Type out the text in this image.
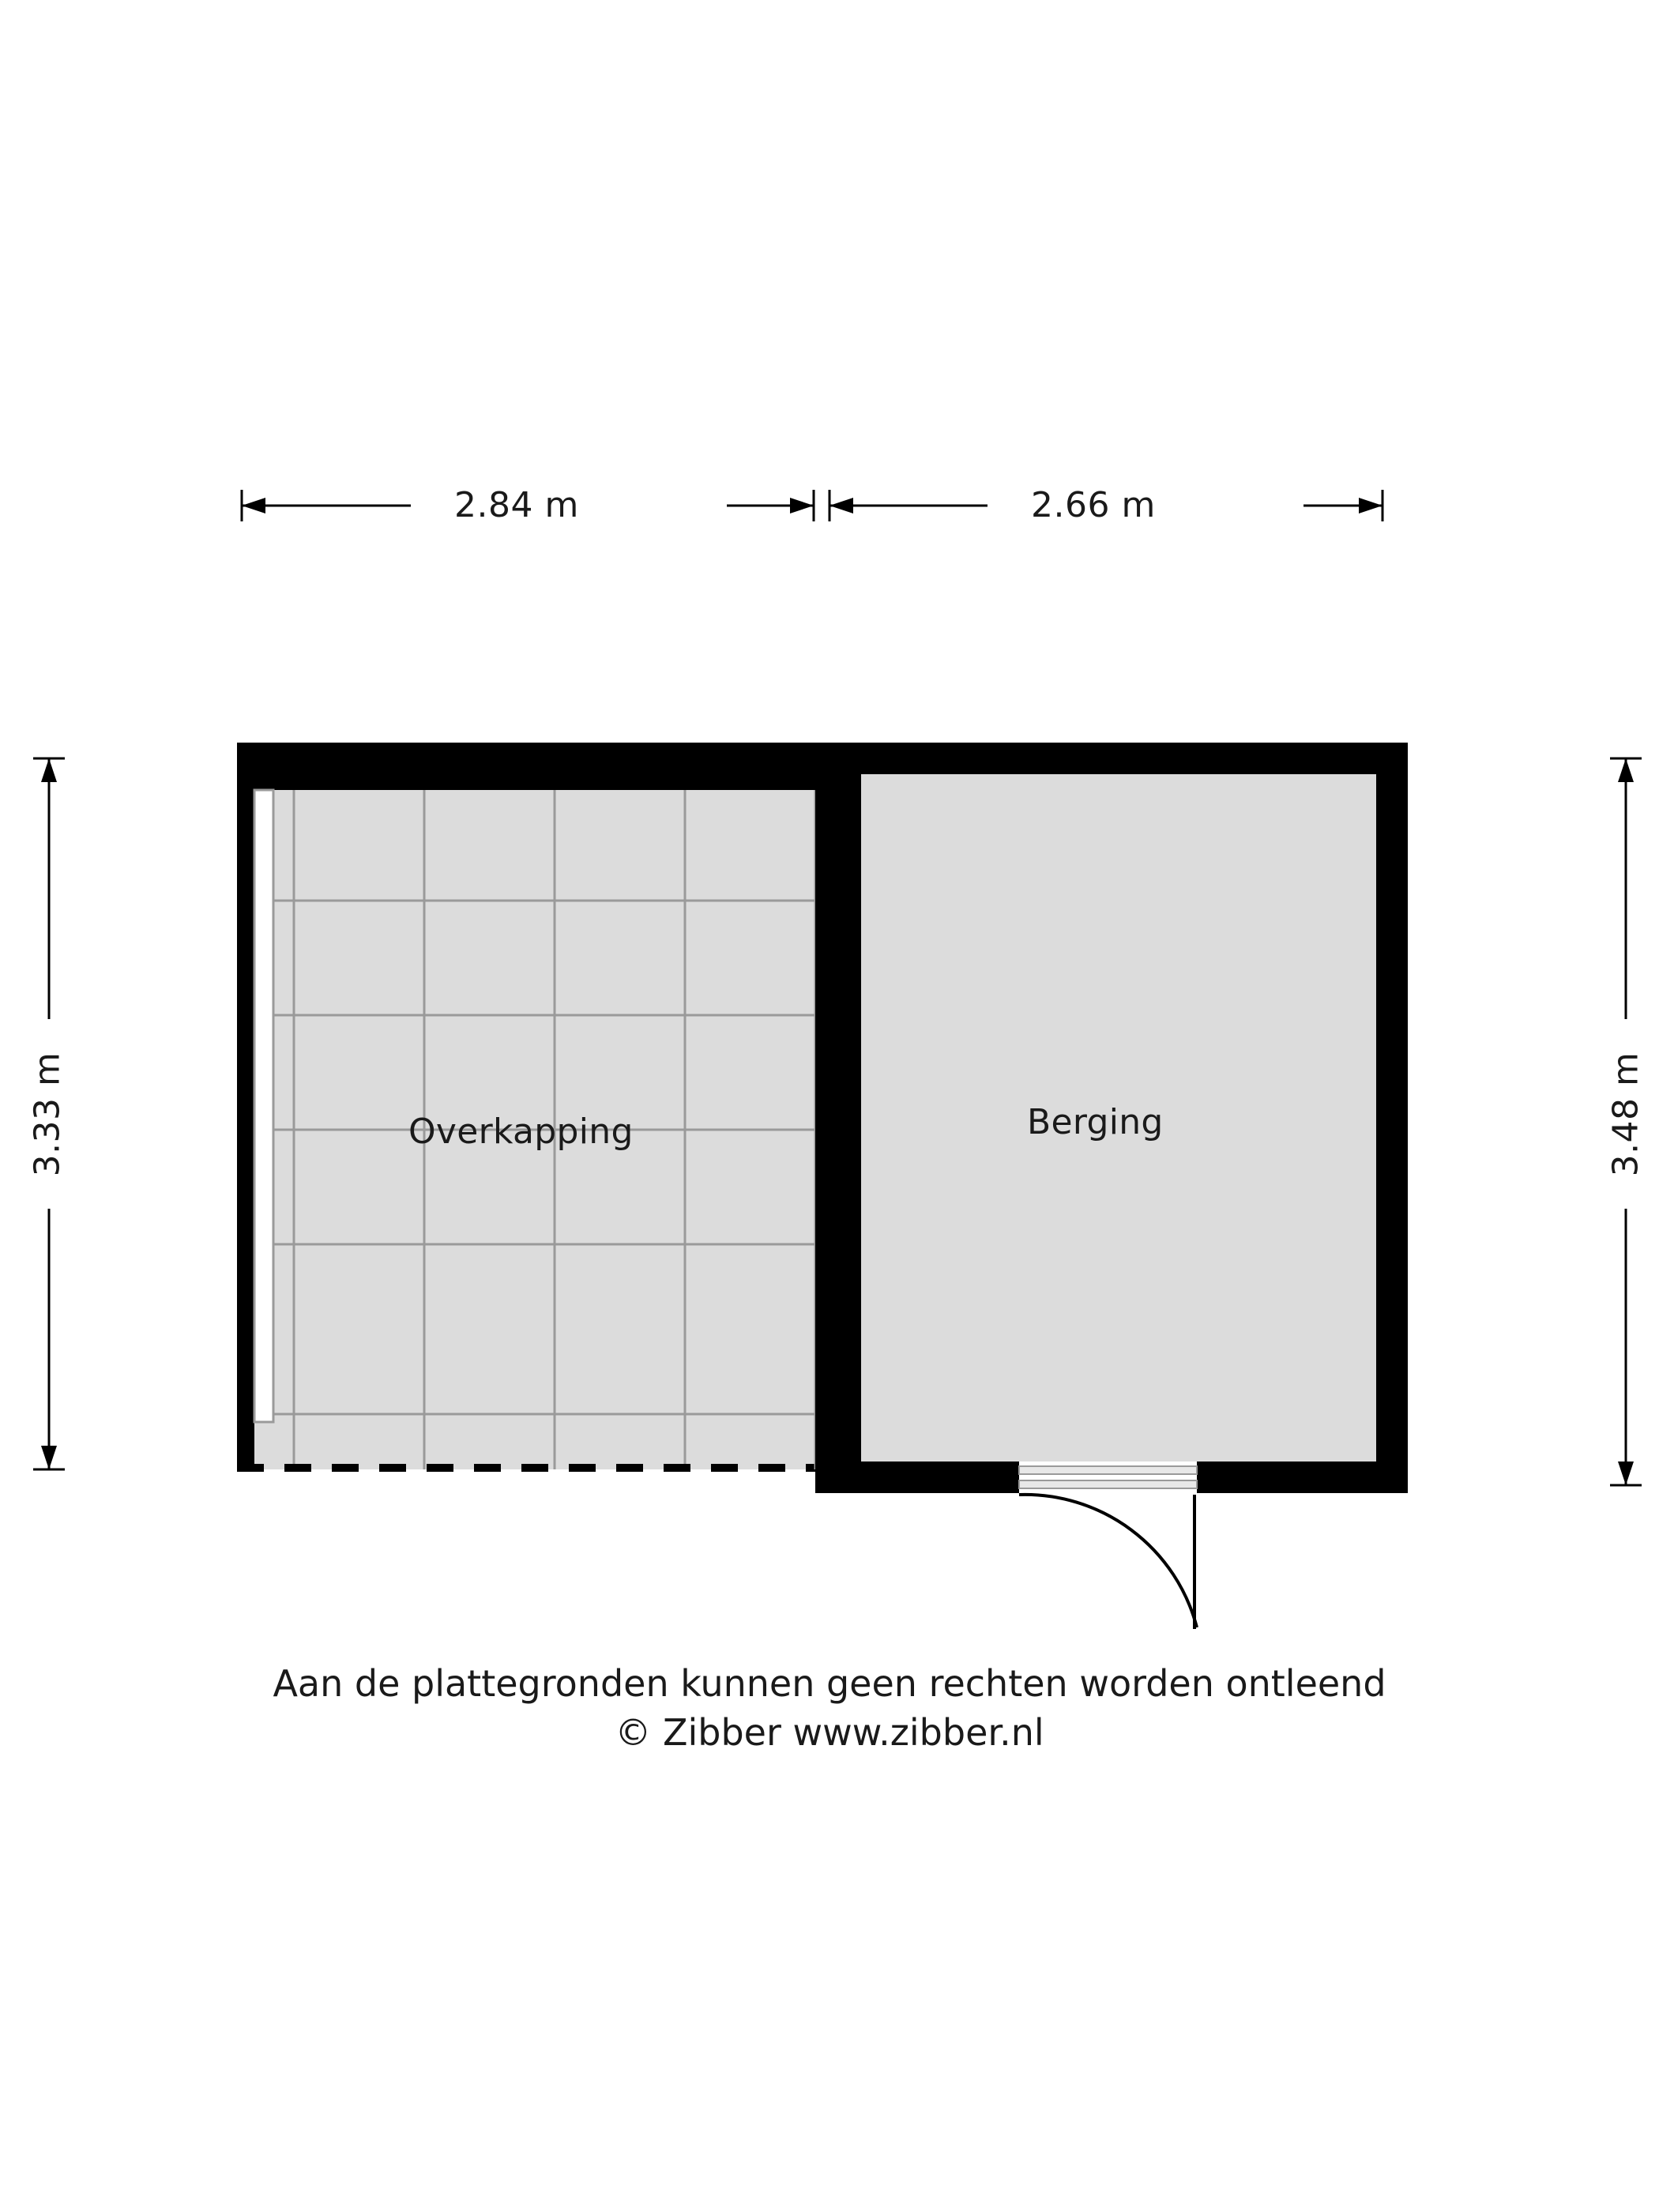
2.84 m	2.66 m
3.33 m	3.48 m
Overkapping	Berging
Aan de plattegronden kunnen geen rechten worden ontleend
© Zibber www.zibber.nl
